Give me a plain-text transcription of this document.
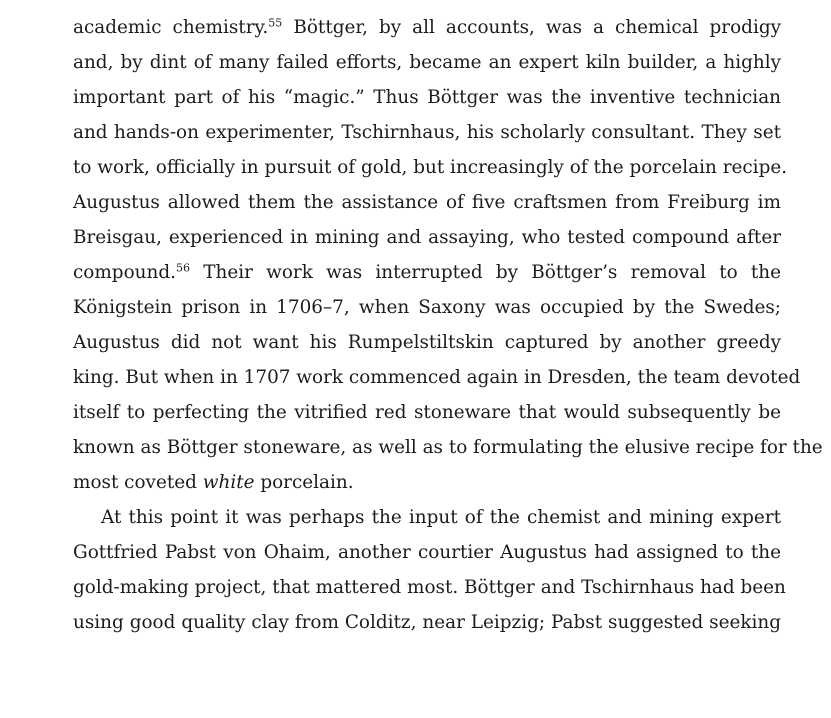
academic chemistry.$^{55}$ Böttger, by all accounts, was a chemical prodigy
and, by dint of many failed efforts, became an expert kiln builder, a highly
important part of his “magic.” Thus Böttger was the inventive technician
and hands-on experimenter, Tschirnhaus, his scholarly consultant. They set
to work, officially in pursuit of gold, but increasingly of the porcelain recipe.
Augustus allowed them the assistance of five craftsmen from Freiburg im
Breisgau, experienced in mining and assaying, who tested compound after
compound.$^{56}$ Their work was interrupted by Böttger’s removal to the
Königstein prison in 1706–7, when Saxony was occupied by the Swedes;
Augustus did not want his Rumpelstiltskin captured by another greedy
king. But when in 1707 work commenced again in Dresden, the team devoted
itself to perfecting the vitrified red stoneware that would subsequently be
known as Böttger stoneware, as well as to formulating the elusive recipe for the
most coveted white porcelain.
At this point it was perhaps the input of the chemist and mining expert
Gottfried Pabst von Ohaim, another courtier Augustus had assigned to the
gold-making project, that mattered most. Böttger and Tschirnhaus had been
using good quality clay from Colditz, near Leipzig; Pabst suggested seeking
